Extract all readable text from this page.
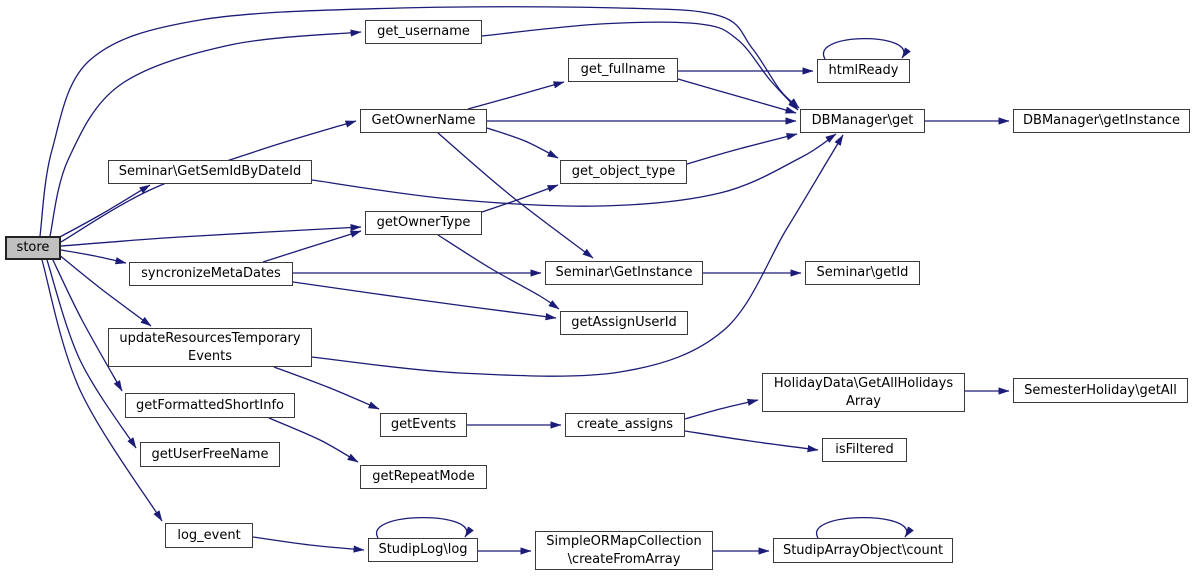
store
get_username
get_fullname	htmlReady
GetOwnerName	DBManager\get	DBManager\getInstance
Seminar\GetSemIdByDateId	get_object_type
getOwnerType
syncronizeMetaDates	Seminar\GetInstance	Seminar\getId
getAssignUserId
updateResourcesTemporary
Events
getFormattedShortInfo
getUserFreeName
getEvents
getRepeatMode
create_assigns
HolidayData\GetAllHolidays
Array
SemesterHoliday\getAll
isFiltered
log_event
StudipLog\log
SimpleORMapCollection
\createFromArray
StudipArrayObject\count
